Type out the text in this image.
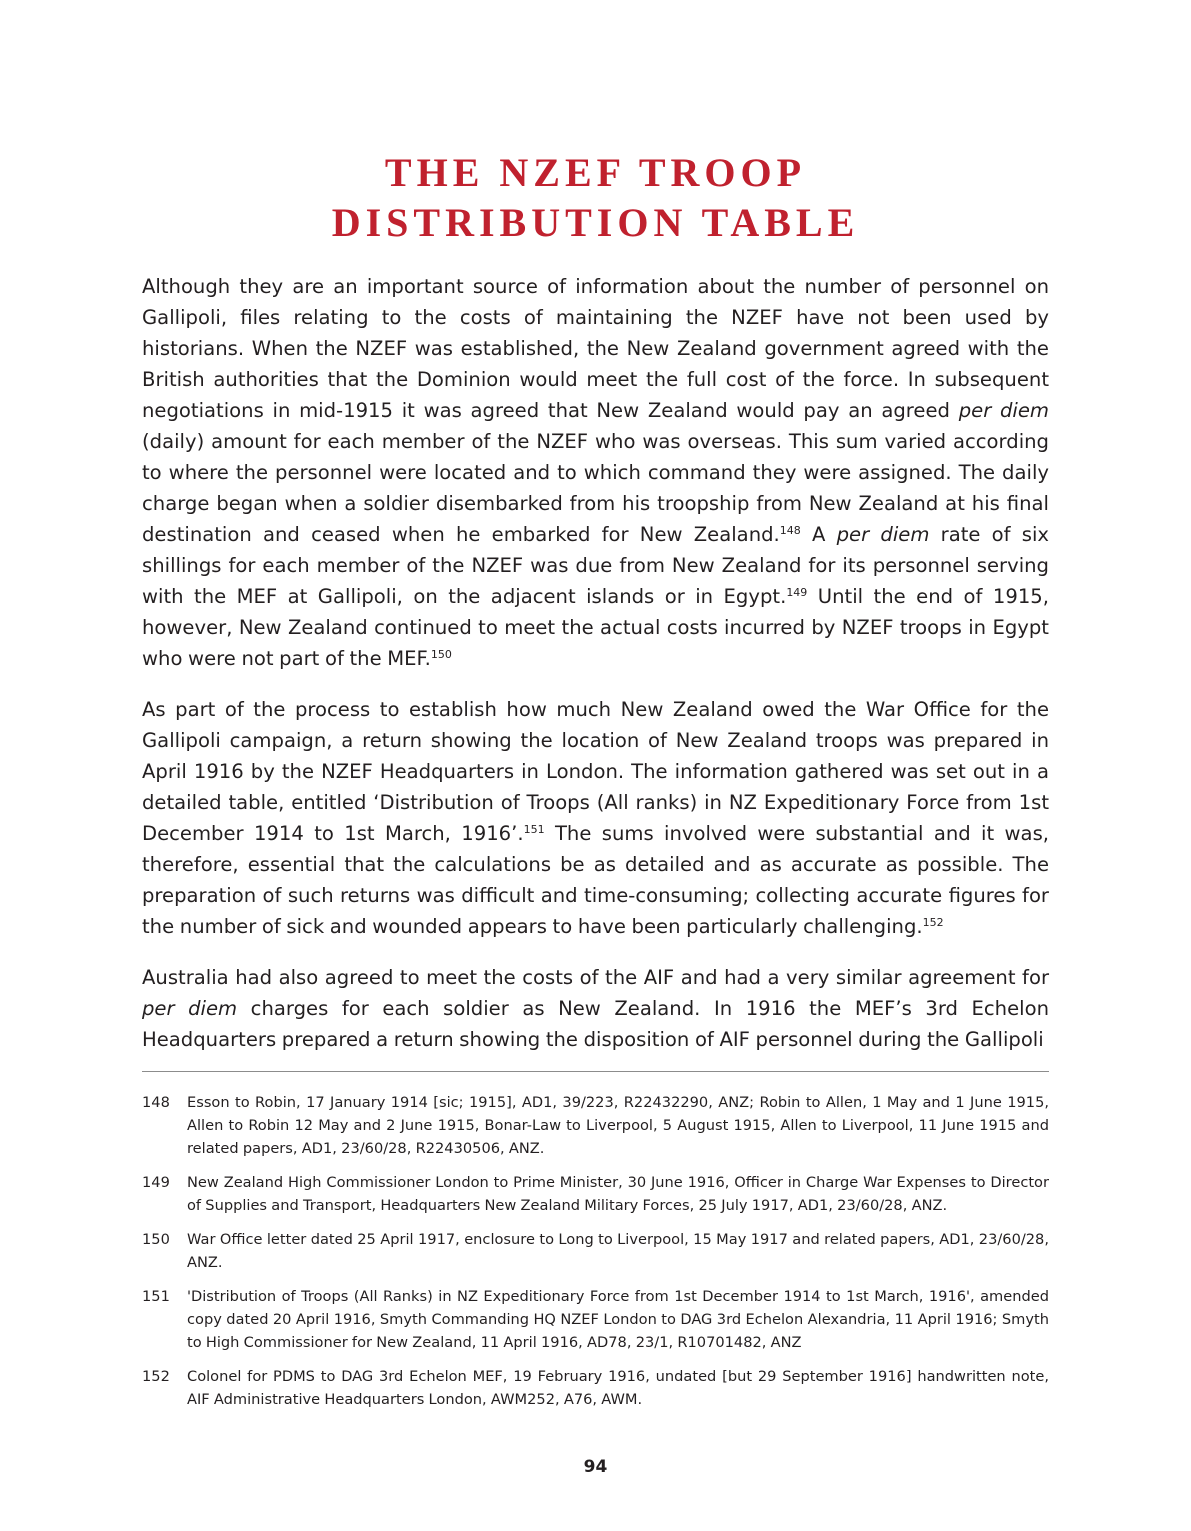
THE NZEF TROOP
DISTRIBUTION TABLE

Although they are an important source of information about the number of personnel on Gallipoli, files relating to the costs of maintaining the NZEF have not been used by historians. When the NZEF was established, the New Zealand government agreed with the British authorities that the Dominion would meet the full cost of the force. In subsequent negotiations in mid-1915 it was agreed that New Zealand would pay an agreed per diem (daily) amount for each member of the NZEF who was overseas. This sum varied according to where the personnel were located and to which command they were assigned. The daily charge began when a soldier disembarked from his troopship from New Zealand at his final destination and ceased when he embarked for New Zealand.$^{148}$ A per diem rate of six shillings for each member of the NZEF was due from New Zealand for its personnel serving with the MEF at Gallipoli, on the adjacent islands or in Egypt.$^{149}$ Until the end of 1915, however, New Zealand continued to meet the actual costs incurred by NZEF troops in Egypt who were not part of the MEF.$^{150}$

As part of the process to establish how much New Zealand owed the War Office for the Gallipoli campaign, a return showing the location of New Zealand troops was prepared in April 1916 by the NZEF Headquarters in London. The information gathered was set out in a detailed table, entitled ‘Distribution of Troops (All ranks) in NZ Expeditionary Force from 1st December 1914 to 1st March, 1916’.$^{151}$ The sums involved were substantial and it was, therefore, essential that the calculations be as detailed and as accurate as possible. The preparation of such returns was difficult and time-consuming; collecting accurate figures for the number of sick and wounded appears to have been particularly challenging.$^{152}$

Australia had also agreed to meet the costs of the AIF and had a very similar agreement for per diem charges for each soldier as New Zealand. In 1916 the MEF’s 3rd Echelon Headquarters prepared a return showing the disposition of AIF personnel during the Gallipoli

148	Esson to Robin, 17 January 1914 [sic; 1915], AD1, 39/223, R22432290, ANZ; Robin to Allen, 1 May and 1 June 1915, Allen to Robin 12 May and 2 June 1915, Bonar-Law to Liverpool, 5 August 1915, Allen to Liverpool, 11 June 1915 and related papers, AD1, 23/60/28, R22430506, ANZ.
149	New Zealand High Commissioner London to Prime Minister, 30 June 1916, Officer in Charge War Expenses to Director of Supplies and Transport, Headquarters New Zealand Military Forces, 25 July 1917, AD1, 23/60/28, ANZ.
150	War Office letter dated 25 April 1917, enclosure to Long to Liverpool, 15 May 1917 and related papers, AD1, 23/60/28, ANZ.
151	'Distribution of Troops (All Ranks) in NZ Expeditionary Force from 1st December 1914 to 1st March, 1916', amended copy dated 20 April 1916, Smyth Commanding HQ NZEF London to DAG 3rd Echelon Alexandria, 11 April 1916; Smyth to High Commissioner for New Zealand, 11 April 1916, AD78, 23/1, R10701482, ANZ
152	Colonel for PDMS to DAG 3rd Echelon MEF, 19 February 1916, undated [but 29 September 1916] handwritten note, AIF Administrative Headquarters London, AWM252, A76, AWM.
94
